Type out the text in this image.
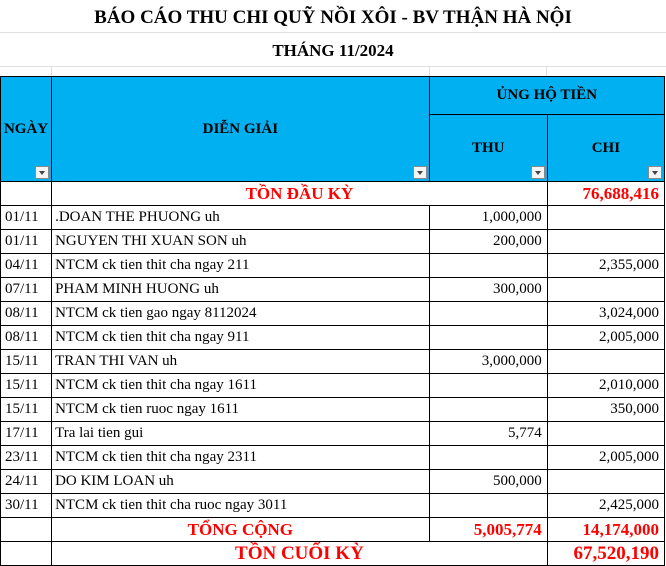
BÁO CÁO THU CHI QUỸ NỒI XÔI - BV THẬN HÀ NỘI
THÁNG 11/2024
NGÀY	DIỄN GIẢI	ỦNG HỘ TIỀN	
		THU	CHI

	TỒN ĐẦU KỲ		76,688,416
01/11	.DOAN THE PHUONG uh	1,000,000	
01/11	NGUYEN THI XUAN SON uh	200,000	
04/11	NTCM ck tien thit cha ngay 211		2,355,000
07/11	PHAM MINH HUONG uh	300,000	
08/11	NTCM ck tien gao ngay 8112024		3,024,000
08/11	NTCM ck tien thit cha ngay 911		2,005,000
15/11	TRAN THI VAN uh	3,000,000	
15/11	NTCM ck tien thit cha ngay 1611		2,010,000
15/11	NTCM ck tien ruoc ngay 1611		350,000
17/11	Tra lai tien gui	5,774	
23/11	NTCM ck tien thit cha ngay 2311		2,005,000
24/11	DO KIM LOAN uh	500,000	
30/11	NTCM ck tien thit cha ruoc ngay 3011		2,425,000
	TỔNG CỘNG	5,005,774	14,174,000
	TỒN CUỐI KỲ		67,520,190
